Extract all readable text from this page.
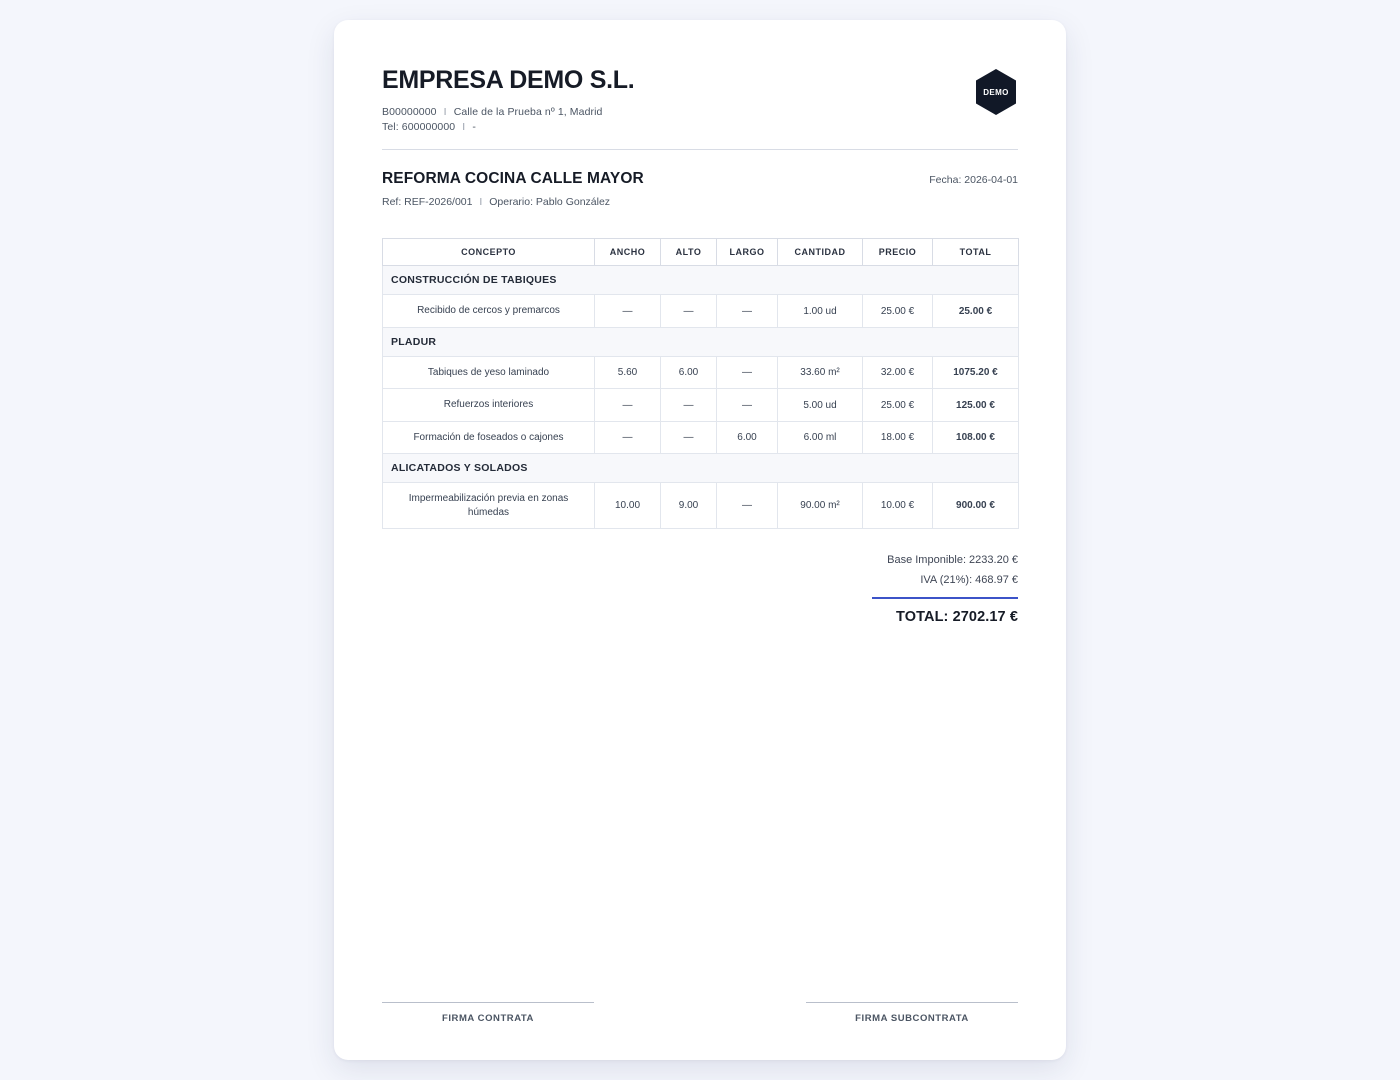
EMPRESA DEMO S.L.
B00000000 I Calle de la Prueba nº 1, Madrid
Tel: 600000000 I -
DEMO
REFORMA COCINA CALLE MAYOR
Ref: REF-2026/001 I Operario: Pablo González
Fecha: 2026-04-01
CONCEPTO	ANCHO	ALTO	LARGO	CANTIDAD	PRECIO	TOTAL
CONSTRUCCIÓN DE TABIQUES						
Recibido de cercos y premarcos	—	—	—	1.00 ud	25.00 €	25.00 €
PLADUR						
Tabiques de yeso laminado	5.60	6.00	—	33.60 m²	32.00 €	1075.20 €
Refuerzos interiores	—	—	—	5.00 ud	25.00 €	125.00 €
Formación de foseados o cajones	—	—	6.00	6.00 ml	18.00 €	108.00 €
ALICATADOS Y SOLADOS						
Impermeabilización previa en zonas húmedas	10.00	9.00	—	90.00 m²	10.00 €	900.00 €
Base Imponible: 2233.20 €
IVA (21%): 468.97 €
TOTAL: 2702.17 €
FIRMA CONTRATA	FIRMA SUBCONTRATA
